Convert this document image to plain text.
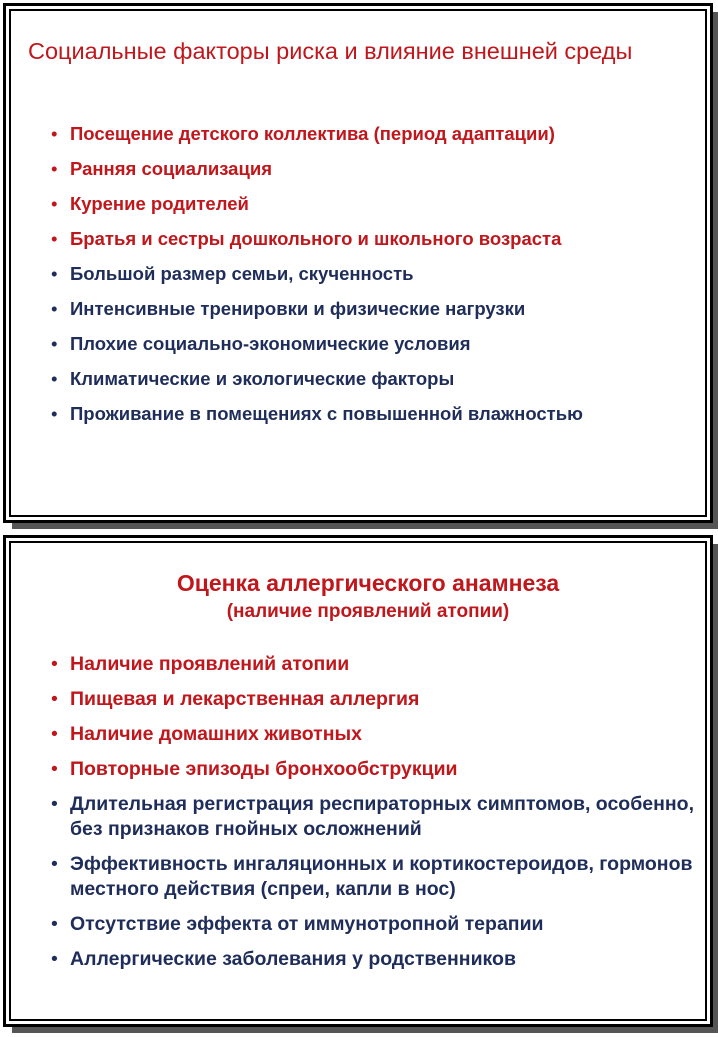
Социальные факторы риска и влияние внешней среды
• Посещение детского коллектива (период адаптации)
• Ранняя социализация
• Курение родителей
• Братья и сестры дошкольного и школьного возраста
• Большой размер семьи, скученность
• Интенсивные тренировки и физические нагрузки
• Плохие социально-экономические условия
• Климатические и экологические факторы
• Проживание в помещениях с повышенной влажностью
Оценка аллергического анамнеза
(наличие проявлений атопии)
• Наличие проявлений атопии
• Пищевая и лекарственная аллергия
• Наличие домашних животных
• Повторные эпизоды бронхообструкции
• Длительная регистрация респираторных симптомов, особенно, без признаков гнойных осложнений
• Эффективность ингаляционных и кортикостероидов, гормонов местного действия (спреи, капли в нос)
• Отсутствие эффекта от иммунотропной терапии
• Аллергические заболевания у родственников
